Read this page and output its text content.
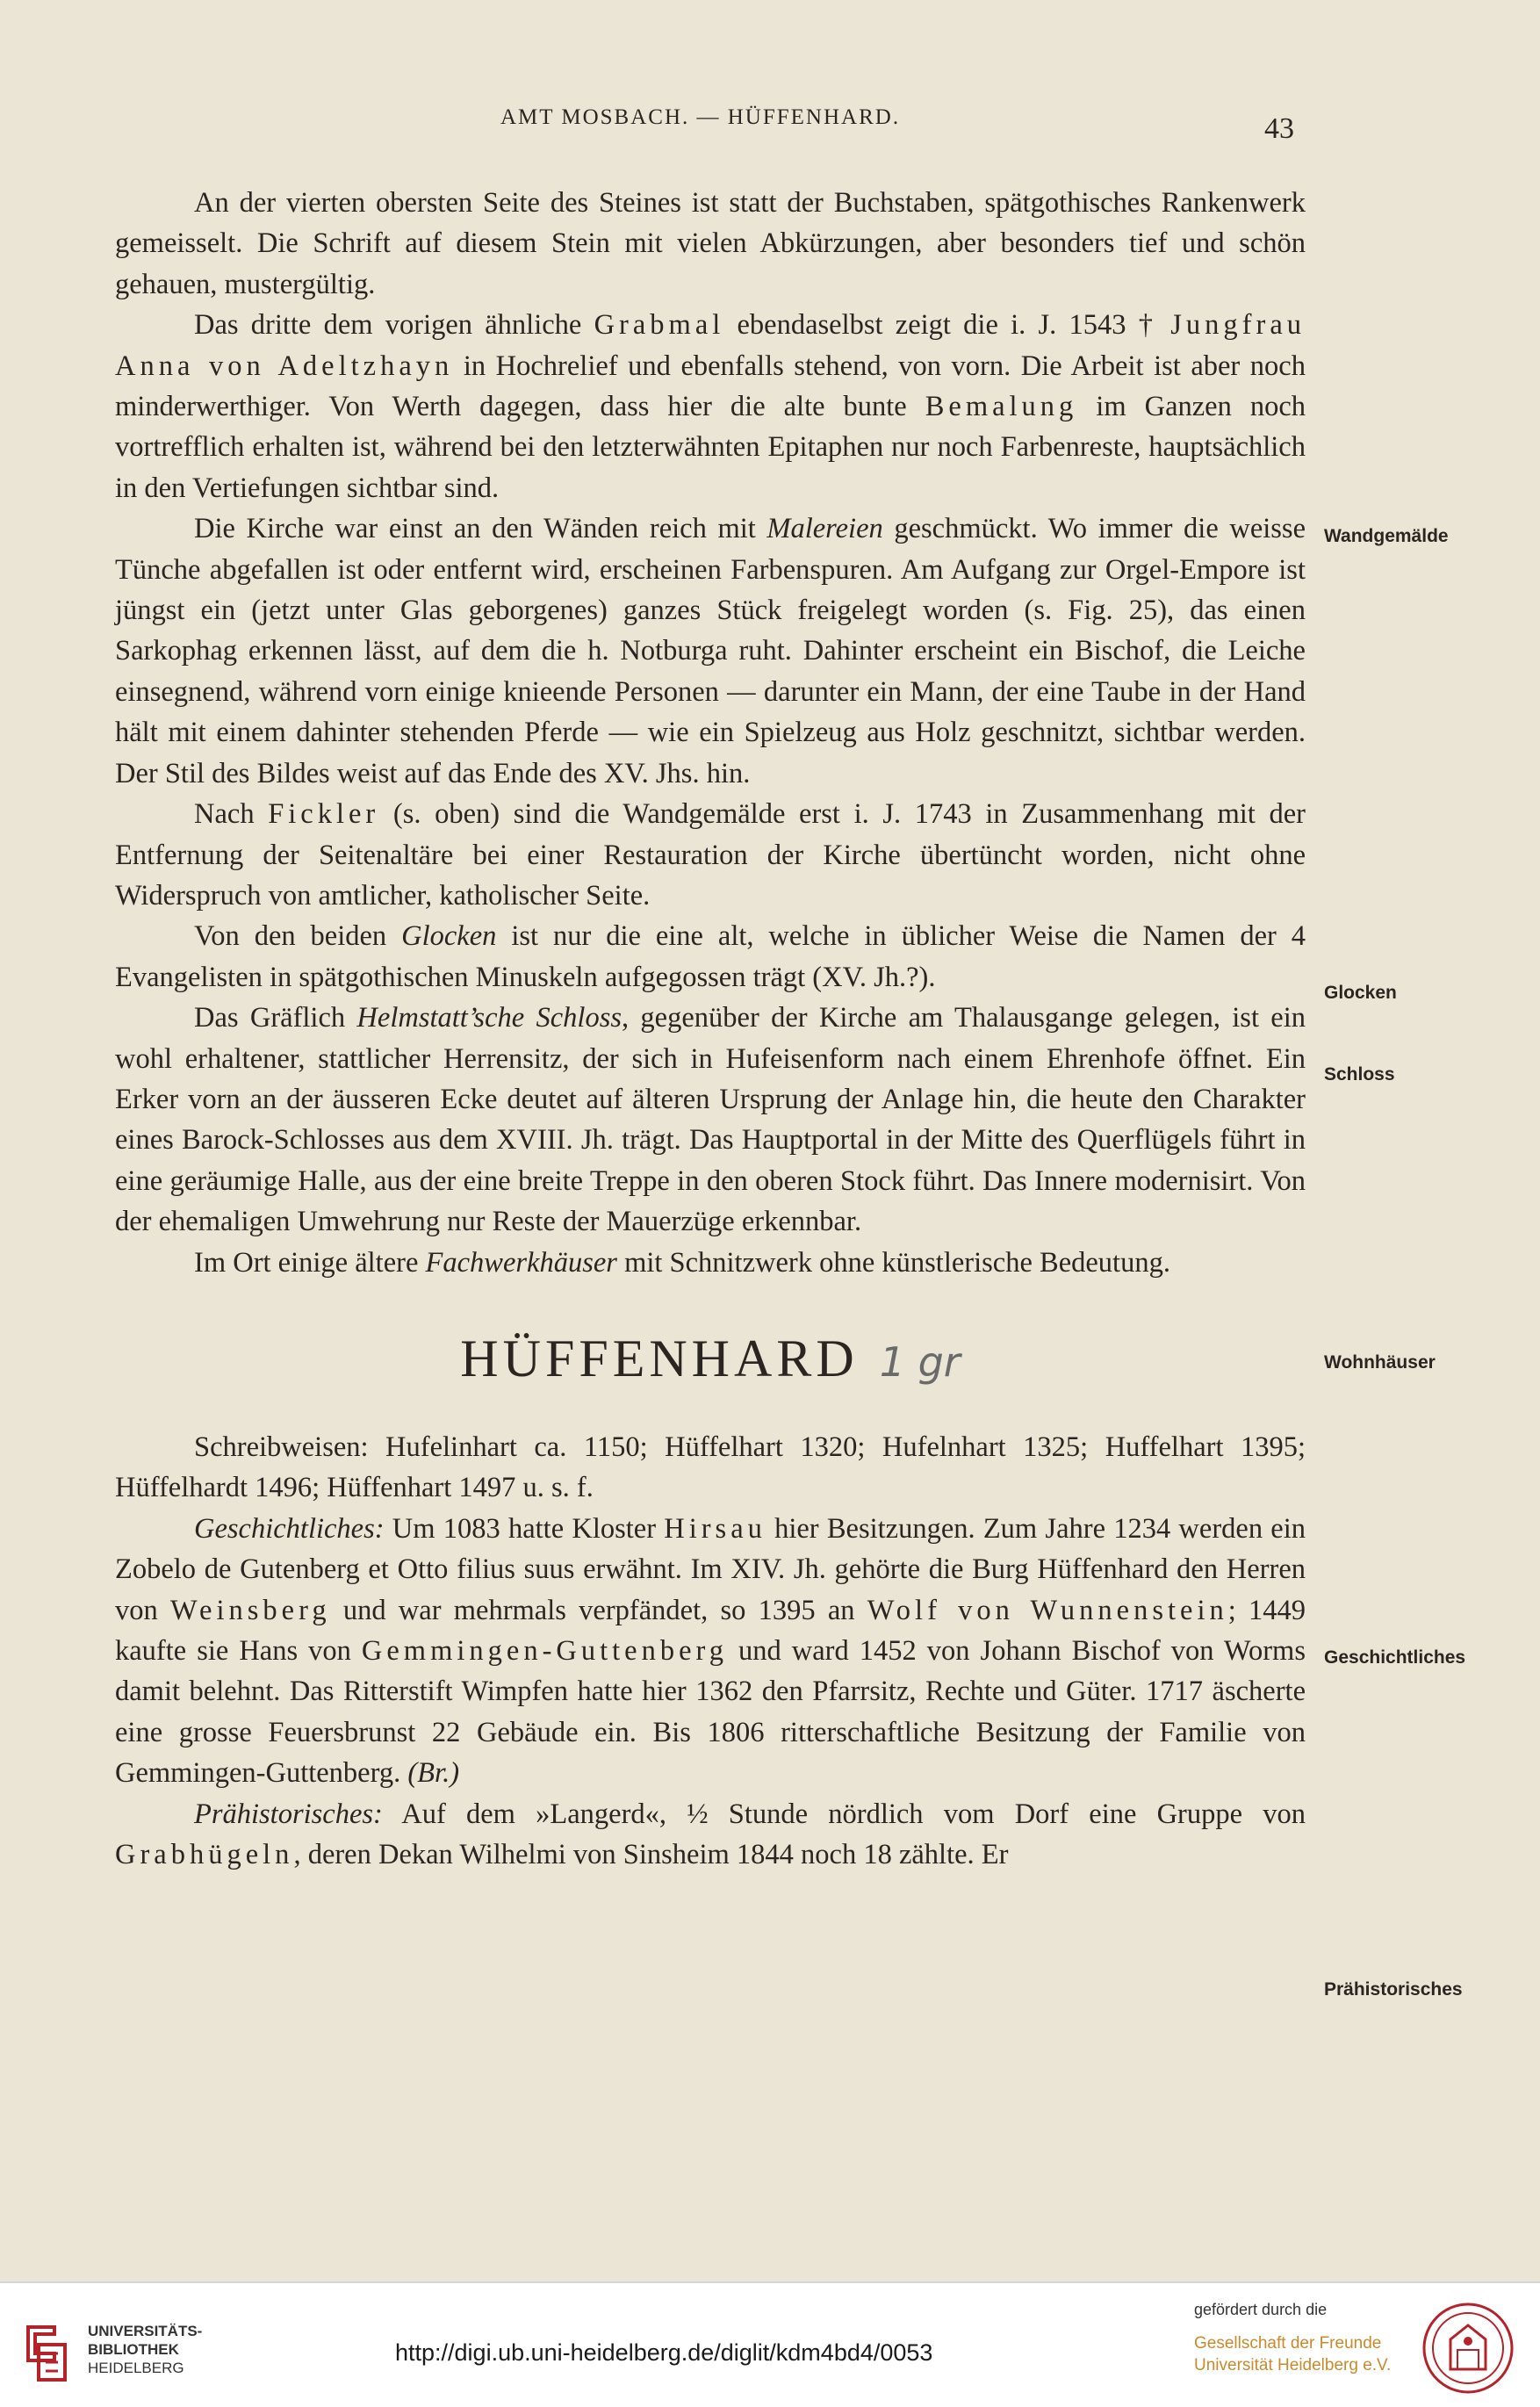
AMT MOSBACH. — HÜFFENHARD.	43

An der vierten obersten Seite des Steines ist statt der Buchstaben, spätgothisches Rankenwerk gemeisselt. Die Schrift auf diesem Stein mit vielen Abkürzungen, aber besonders tief und schön gehauen, mustergültig.

Das dritte dem vorigen ähnliche Grabmal ebendaselbst zeigt die i. J. 1543 † Jungfrau Anna von Adeltzhayn in Hochrelief und ebenfalls stehend, von vorn. Die Arbeit ist aber noch minderwerthiger. Von Werth dagegen, dass hier die alte bunte Bemalung im Ganzen noch vortrefflich erhalten ist, während bei den letzterwähnten Epitaphen nur noch Farbenreste, hauptsächlich in den Vertiefungen sichtbar sind.

Die Kirche war einst an den Wänden reich mit Malereien geschmückt. Wo immer die weisse Tünche abgefallen ist oder entfernt wird, erscheinen Farbenspuren. Am Aufgang zur Orgel-Empore ist jüngst ein (jetzt unter Glas geborgenes) ganzes Stück freigelegt worden (s. Fig. 25), das einen Sarkophag erkennen lässt, auf dem die h. Notburga ruht. Dahinter erscheint ein Bischof, die Leiche einsegnend, während vorn einige knieende Personen — darunter ein Mann, der eine Taube in der Hand hält mit einem dahinter stehenden Pferde — wie ein Spielzeug aus Holz geschnitzt, sichtbar werden. Der Stil des Bildes weist auf das Ende des XV. Jhs. hin.

Nach Fickler (s. oben) sind die Wandgemälde erst i. J. 1743 in Zusammenhang mit der Entfernung der Seitenaltäre bei einer Restauration der Kirche übertüncht worden, nicht ohne Widerspruch von amtlicher, katholischer Seite.

Von den beiden Glocken ist nur die eine alt, welche in üblicher Weise die Namen der 4 Evangelisten in spätgothischen Minuskeln aufgegossen trägt (XV. Jh.?).

Das Gräflich Helmstatt’sche Schloss, gegenüber der Kirche am Thalausgange gelegen, ist ein wohl erhaltener, stattlicher Herrensitz, der sich in Hufeisenform nach einem Ehrenhofe öffnet. Ein Erker vorn an der äusseren Ecke deutet auf älteren Ursprung der Anlage hin, die heute den Charakter eines Barock-Schlosses aus dem XVIII. Jh. trägt. Das Hauptportal in der Mitte des Querflügels führt in eine geräumige Halle, aus der eine breite Treppe in den oberen Stock führt. Das Innere modernisirt. Von der ehemaligen Umwehrung nur Reste der Mauerzüge erkennbar.

Im Ort einige ältere Fachwerkhäuser mit Schnitzwerk ohne künstlerische Bedeutung.

HÜFFENHARD 1 gr

Schreibweisen: Hufelinhart ca. 1150; Hüffelhart 1320; Hufelnhart 1325; Huffelhart 1395; Hüffelhardt 1496; Hüffenhart 1497 u. s. f.

Geschichtliches: Um 1083 hatte Kloster Hirsau hier Besitzungen. Zum Jahre 1234 werden ein Zobelo de Gutenberg et Otto filius suus erwähnt. Im XIV. Jh. gehörte die Burg Hüffenhard den Herren von Weinsberg und war mehrmals verpfändet, so 1395 an Wolf von Wunnenstein; 1449 kaufte sie Hans von Gemmingen-Guttenberg und ward 1452 von Johann Bischof von Worms damit belehnt. Das Ritterstift Wimpfen hatte hier 1362 den Pfarrsitz, Rechte und Güter. 1717 äscherte eine grosse Feuersbrunst 22 Gebäude ein. Bis 1806 ritterschaftliche Besitzung der Familie von Gemmingen-Guttenberg. (Br.)

Prähistorisches: Auf dem »Langerd«, ½ Stunde nördlich vom Dorf eine Gruppe von Grabhügeln, deren Dekan Wilhelmi von Sinsheim 1844 noch 18 zählte. Er

Wandgemälde
Glocken
Schloss
Wohnhäuser
Geschichtliches
Prähistorisches
UNIVERSITÄTS-
BIBLIOTHEK
HEIDELBERG
http://digi.ub.uni-heidelberg.de/diglit/kdm4bd4/0053
gefördert durch die
Gesellschaft der Freunde
Universität Heidelberg e.V.
